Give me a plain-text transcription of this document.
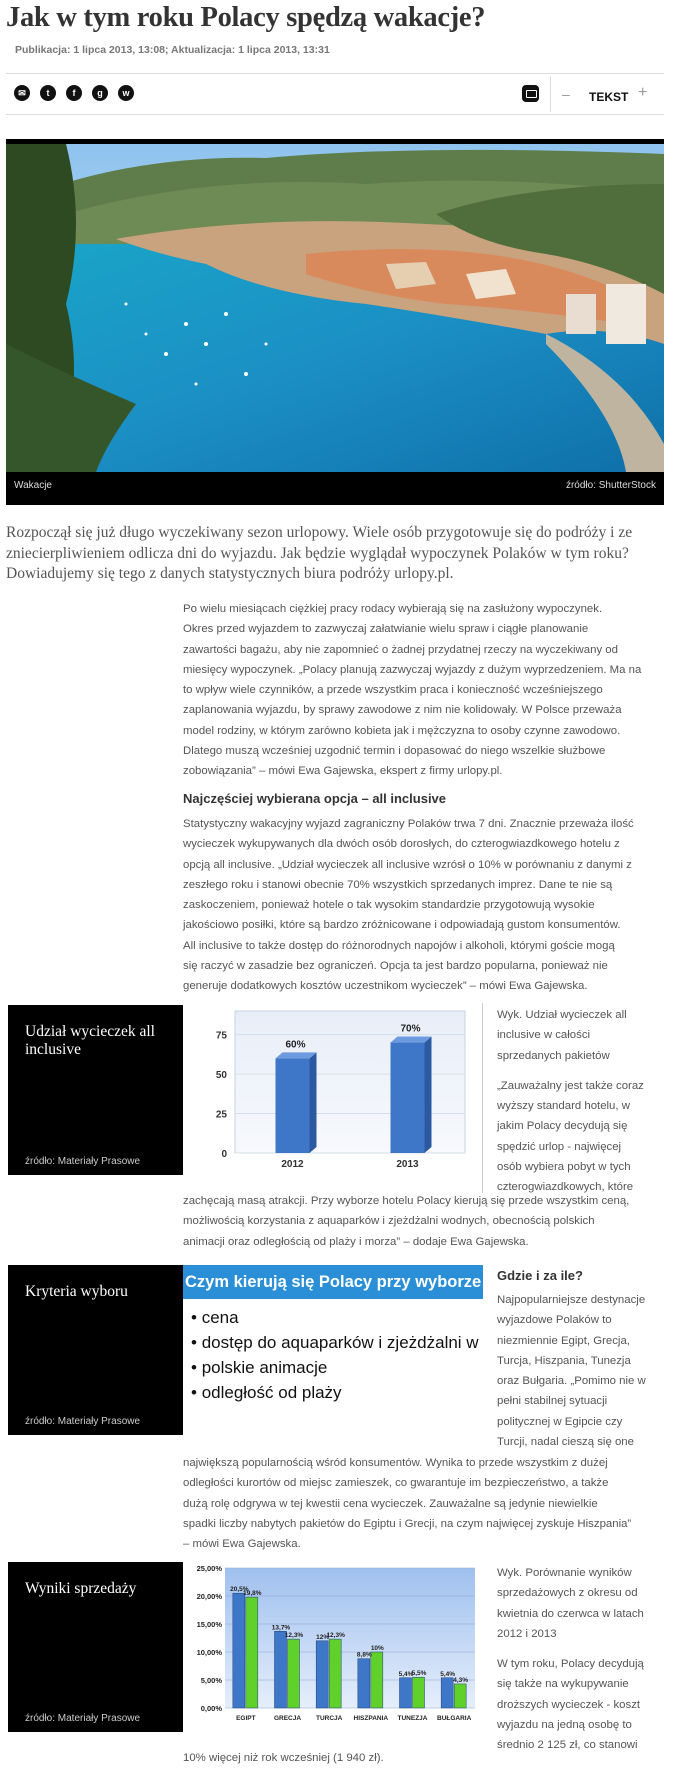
Jak w tym roku Polacy spędzą wakacje?
Publikacja: 1 lipca 2013, 13:08; Aktualizacja: 1 lipca 2013, 13:31
✉	t	f	g	w	– TEKST +
Wakacje	źródło: ShutterStock

Rozpoczął się już długo wyczekiwany sezon urlopowy. Wiele osób przygotowuje się do podróży i ze zniecierpliwieniem odlicza dni do wyjazdu. Jak będzie wyglądał wypoczynek Polaków w tym roku? Dowiadujemy się tego z danych statystycznych biura podróży urlopy.pl.

Po wielu miesiącach ciężkiej pracy rodacy wybierają się na zasłużony wypoczynek.
Okres przed wyjazdem to zazwyczaj załatwianie wielu spraw i ciągłe planowanie
zawartości bagażu, aby nie zapomnieć o żadnej przydatnej rzeczy na wyczekiwany od
miesięcy wypoczynek. „Polacy planują zazwyczaj wyjazdy z dużym wyprzedzeniem. Ma na
to wpływ wiele czynników, a przede wszystkim praca i konieczność wcześniejszego
zaplanowania wyjazdu, by sprawy zawodowe z nim nie kolidowały. W Polsce przeważa
model rodziny, w którym zarówno kobieta jak i mężczyzna to osoby czynne zawodowo.
Dlatego muszą wcześniej uzgodnić termin i dopasować do niego wszelkie służbowe
zobowiązania” – mówi Ewa Gajewska, ekspert z firmy urlopy.pl.
Najczęściej wybierana opcja – all inclusive
Statystyczny wakacyjny wyjazd zagraniczny Polaków trwa 7 dni. Znacznie przeważa ilość
wycieczek wykupywanych dla dwóch osób dorosłych, do czterogwiazdkowego hotelu z
opcją all inclusive. „Udział wycieczek all inclusive wzrósł o 10% w porównaniu z danymi z
zeszłego roku i stanowi obecnie 70% wszystkich sprzedanych imprez. Dane te nie są
zaskoczeniem, ponieważ hotele o tak wysokim standardzie przygotowują wysokie
jakościowo posiłki, które są bardzo zróżnicowane i odpowiadają gustom konsumentów.
All inclusive to także dostęp do różnorodnych napojów i alkoholi, którymi goście mogą
się raczyć w zasadzie bez ograniczeń. Opcja ta jest bardzo popularna, ponieważ nie
generuje dodatkowych kosztów uczestnikom wycieczek” – mówi Ewa Gajewska.
Udział wycieczek all inclusive
źródło: Materiały Prasowe
0
25
50
75
60%
70%
2012	2013
Wyk. Udział wycieczek all
inclusive w całości
sprzedanych pakietów
„Zauważalny jest także coraz
wyższy standard hotelu, w
jakim Polacy decydują się
spędzić urlop - najwięcej
osób wybiera pobyt w tych
czterogwiazdkowych, które
zachęcają masą atrakcji. Przy wyborze hotelu Polacy kierują się przede wszystkim ceną,
możliwością korzystania z aquaparków i zjeżdżalni wodnych, obecnością polskich
animacji oraz odległością od plaży i morza” – dodaje Ewa Gajewska.
Kryteria wyboru
źródło: Materiały Prasowe
Czym kierują się Polacy przy wyborze
• cena
• dostęp do aquaparków i zjeżdżalni w
• polskie animacje
• odległość od plaży
Gdzie i za ile?
Najpopularniejsze destynacje
wyjazdowe Polaków to
niezmiennie Egipt, Grecja,
Turcja, Hiszpania, Tunezja
oraz Bułgaria. „Pomimo nie w
pełni stabilnej sytuacji
politycznej w Egipcie czy
Turcji, nadal cieszą się one
największą popularnością wśród konsumentów. Wynika to przede wszystkim z dużej
odległości kurortów od miejsc zamieszek, co gwarantuje im bezpieczeństwo, a także
dużą rolę odgrywa w tej kwestii cena wycieczek. Zauważalne są jedynie niewielkie
spadki liczby nabytych pakietów do Egiptu i Grecji, na czym najwięcej zyskuje Hiszpania”
– mówi Ewa Gajewska.
Wyniki sprzedaży
źródło: Materiały Prasowe
0,00%
5,00%
10,00%
15,00%
20,00%
25,00%
20,5%
19,8%
13,7%
12,3% 12%
12,3%
8,8%
10%
5,4%
5,5% 5,4%
4,3%
EGIPT	GRECJA TURCJA HISZPANIA TUNEZJA BUŁGARIA
Wyk. Porównanie wyników
sprzedażowych z okresu od
kwietnia do czerwca w latach
2012 i 2013
W tym roku, Polacy decydują
się także na wykupywanie
droższych wycieczek - koszt
wyjazdu na jedną osobę to
średnio 2 125 zł, co stanowi
10% więcej niż rok wcześniej (1 940 zł).
